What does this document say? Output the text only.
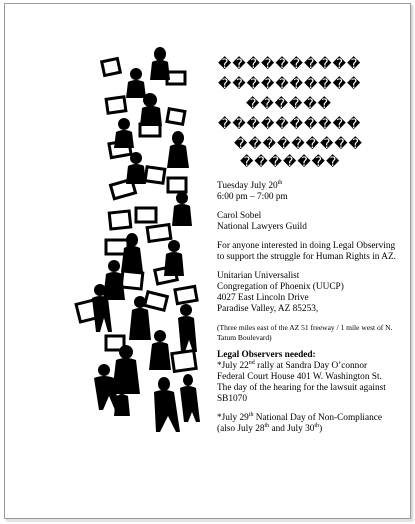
����������
����������
������
����������
���������
�������

Tuesday July 20th
6:00 pm – 7:00 pm

Carol Sobel
National Lawyers Guild

For anyone interested in doing Legal Observing to support the struggle for Human Rights in AZ.

Unitarian Universalist
Congregation of Phoenix (UUCP)
4027 East Lincoln Drive
Paradise Valley, AZ 85253,

(Three miles east of the AZ 51 freeway / 1 mile west of N. Tatum Boulevard)

Legal Observers needed:
*July 22nd rally at Sandra Day O’connor Federal Court House 401 W. Washington St. The day of the hearing for the lawsuit against SB1070

*July 29th National Day of Non-Compliance (also July 28th and July 30th)
